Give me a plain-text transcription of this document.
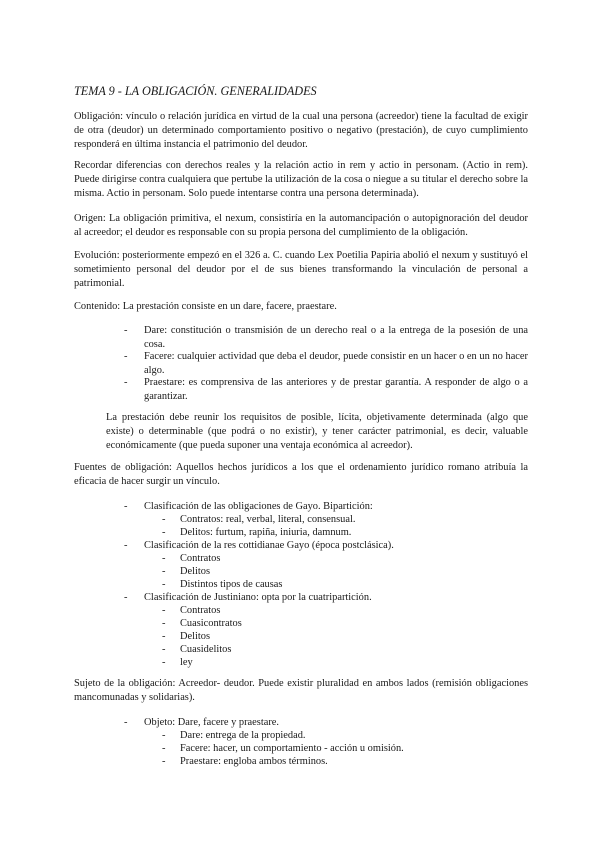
TEMA 9 - LA OBLIGACIÓN. GENERALIDADES

Obligación: vínculo o relación jurídica en virtud de la cual una persona (acreedor) tiene la facultad de exigir de otra (deudor) un determinado comportamiento positivo o negativo (prestación), de cuyo cumplimiento responderá en última instancia el patrimonio del deudor.

Recordar diferencias con derechos reales y la relación actio in rem y actio in personam. (Actio in rem). Puede dirigirse contra cualquiera que pertube la utilización de la cosa o niegue a su titular el derecho sobre la misma. Actio in personam. Solo puede intentarse contra una persona determinada).

Origen: La obligación primitiva, el nexum, consistiría en la automancipación o autopignoración del deudor al acreedor; el deudor es responsable con su propia persona del cumplimiento de la obligación.

Evolución: posteriormente empezó en el 326 a. C. cuando Lex Poetilia Papiria abolió el nexum y sustituyó el sometimiento personal del deudor por el de sus bienes transformando la vinculación de personal a patrimonial.

Contenido: La prestación consiste en un dare, facere, praestare.

-	Dare: constitución o transmisión de un derecho real o a la entrega de la posesión de una cosa.
-	Facere: cualquier actividad que deba el deudor, puede consistir en un hacer o en un no hacer algo.
-	Praestare: es comprensiva de las anteriores y de prestar garantía. A responder de algo o a garantizar.

La prestación debe reunir los requisitos de posible, lícita, objetivamente determinada (algo que existe) o determinable (que podrá o no existir), y tener carácter patrimonial, es decir, valuable económicamente (que pueda suponer una ventaja económica al acreedor).

Fuentes de obligación: Aquellos hechos jurídicos a los que el ordenamiento jurídico romano atribuía la eficacia de hacer surgir un vínculo.

- Clasificación de las obligaciones de Gayo. Bipartición:
- Contratos: real, verbal, literal, consensual.
- Delitos: furtum, rapiña, iniuria, damnum.
- Clasificación de la res cottidianae Gayo (época postclásica).
- Contratos
- Delitos
- Distintos tipos de causas
- Clasificación de Justiniano: opta por la cuatripartición.
- Contratos
- Cuasicontratos
- Delitos
- Cuasidelitos
- ley

Sujeto de la obligación: Acreedor- deudor. Puede existir pluralidad en ambos lados (remisión obligaciones mancomunadas y solidarias).

- Objeto: Dare, facere y praestare.
- Dare: entrega de la propiedad.
- Facere: hacer, un comportamiento - acción u omisión.
- Praestare: engloba ambos términos.
